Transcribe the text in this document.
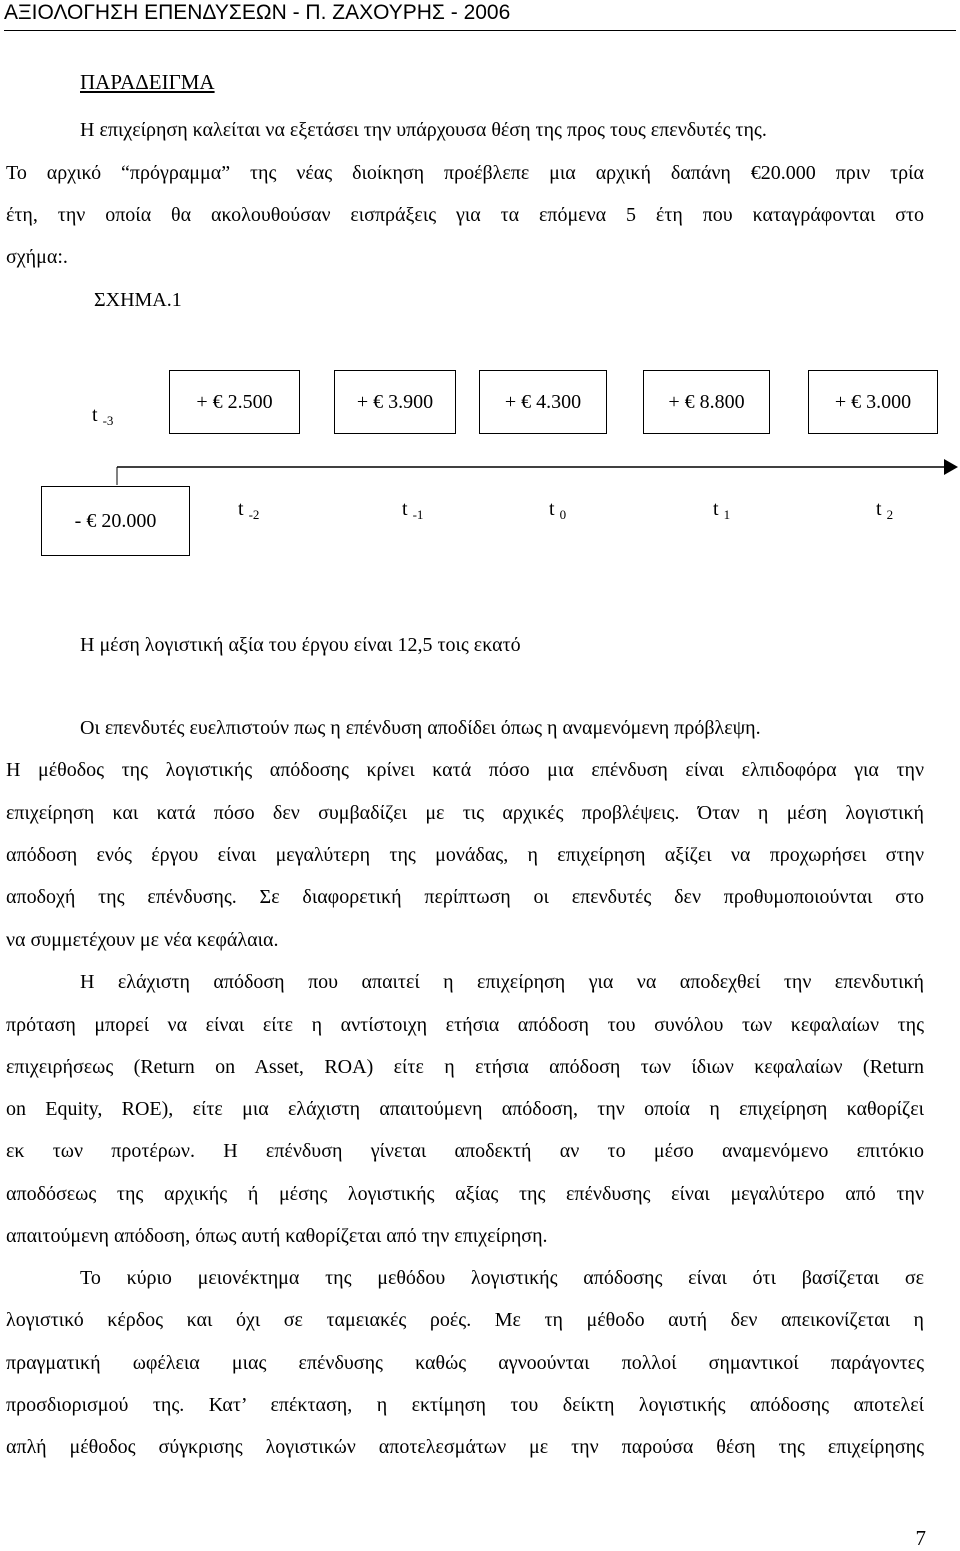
ΑΞΙΟΛΟΓΗΣΗ ΕΠΕΝΔΥΣΕΩΝ - Π. ΖΑΧΟΥΡΗΣ - 2006
ΠΑΡΑΔΕΙΓΜΑ
Η επιχείρηση καλείται να εξετάσει την υπάρχουσα θέση της προς τους επενδυτές της.
Το αρχικό “πρόγραμμα” της νέας διοίκηση προέβλεπε μια αρχική δαπάνη €20.000 πριν τρία
έτη, την οποία θα ακολουθούσαν εισπράξεις για τα επόμενα 5 έτη που καταγράφονται στο
σχήμα:.
ΣΧΗΜΑ.1
t $_{-3}$
+ € 2.500	+ € 3.900	+ € 4.300	+ € 8.800	+ € 3.000
- € 20.000
t $_{-2}$	t $_{-1}$	t $_0$	t $_1$	t $_2$
Η μέση λογιστική αξία του έργου είναι 12,5 τοις εκατό
Οι επενδυτές ευελπιστούν πως η επένδυση αποδίδει όπως η αναμενόμενη πρόβλεψη.
Η μέθοδος της λογιστικής απόδοσης κρίνει κατά πόσο μια επένδυση είναι ελπιδοφόρα για την
επιχείρηση και κατά πόσο δεν συμβαδίζει με τις αρχικές προβλέψεις. Όταν η μέση λογιστική
απόδοση ενός έργου είναι μεγαλύτερη της μονάδας, η επιχείρηση αξίζει να προχωρήσει στην
αποδοχή της επένδυσης. Σε διαφορετική περίπτωση οι επενδυτές δεν προθυμοποιούνται στο
να συμμετέχουν με νέα κεφάλαια.
Η ελάχιστη απόδοση που απαιτεί η επιχείρηση για να αποδεχθεί την επενδυτική
πρόταση μπορεί να είναι είτε η αντίστοιχη ετήσια απόδοση του συνόλου των κεφαλαίων της
επιχειρήσεως (Return on Asset, ROA) είτε η ετήσια απόδοση των ίδιων κεφαλαίων (Return
on Equity, ROE), είτε μια ελάχιστη απαιτούμενη απόδοση, την οποία η επιχείρηση καθορίζει
εκ των προτέρων. Η επένδυση γίνεται αποδεκτή αν το μέσο αναμενόμενο επιτόκιο
αποδόσεως της αρχικής ή μέσης λογιστικής αξίας της επένδυσης είναι μεγαλύτερο από την
απαιτούμενη απόδοση, όπως αυτή καθορίζεται από την επιχείρηση.
Το κύριο μειονέκτημα της μεθόδου λογιστικής απόδοσης είναι ότι βασίζεται σε
λογιστικό κέρδος και όχι σε ταμειακές ροές. Με τη μέθοδο αυτή δεν απεικονίζεται η
πραγματική ωφέλεια μιας επένδυσης καθώς αγνοούνται πολλοί σημαντικοί παράγοντες
προσδιορισμού της. Κατ’ επέκταση, η εκτίμηση του δείκτη λογιστικής απόδοσης αποτελεί
απλή μέθοδος σύγκρισης λογιστικών αποτελεσμάτων με την παρούσα θέση της επιχείρησης
7
